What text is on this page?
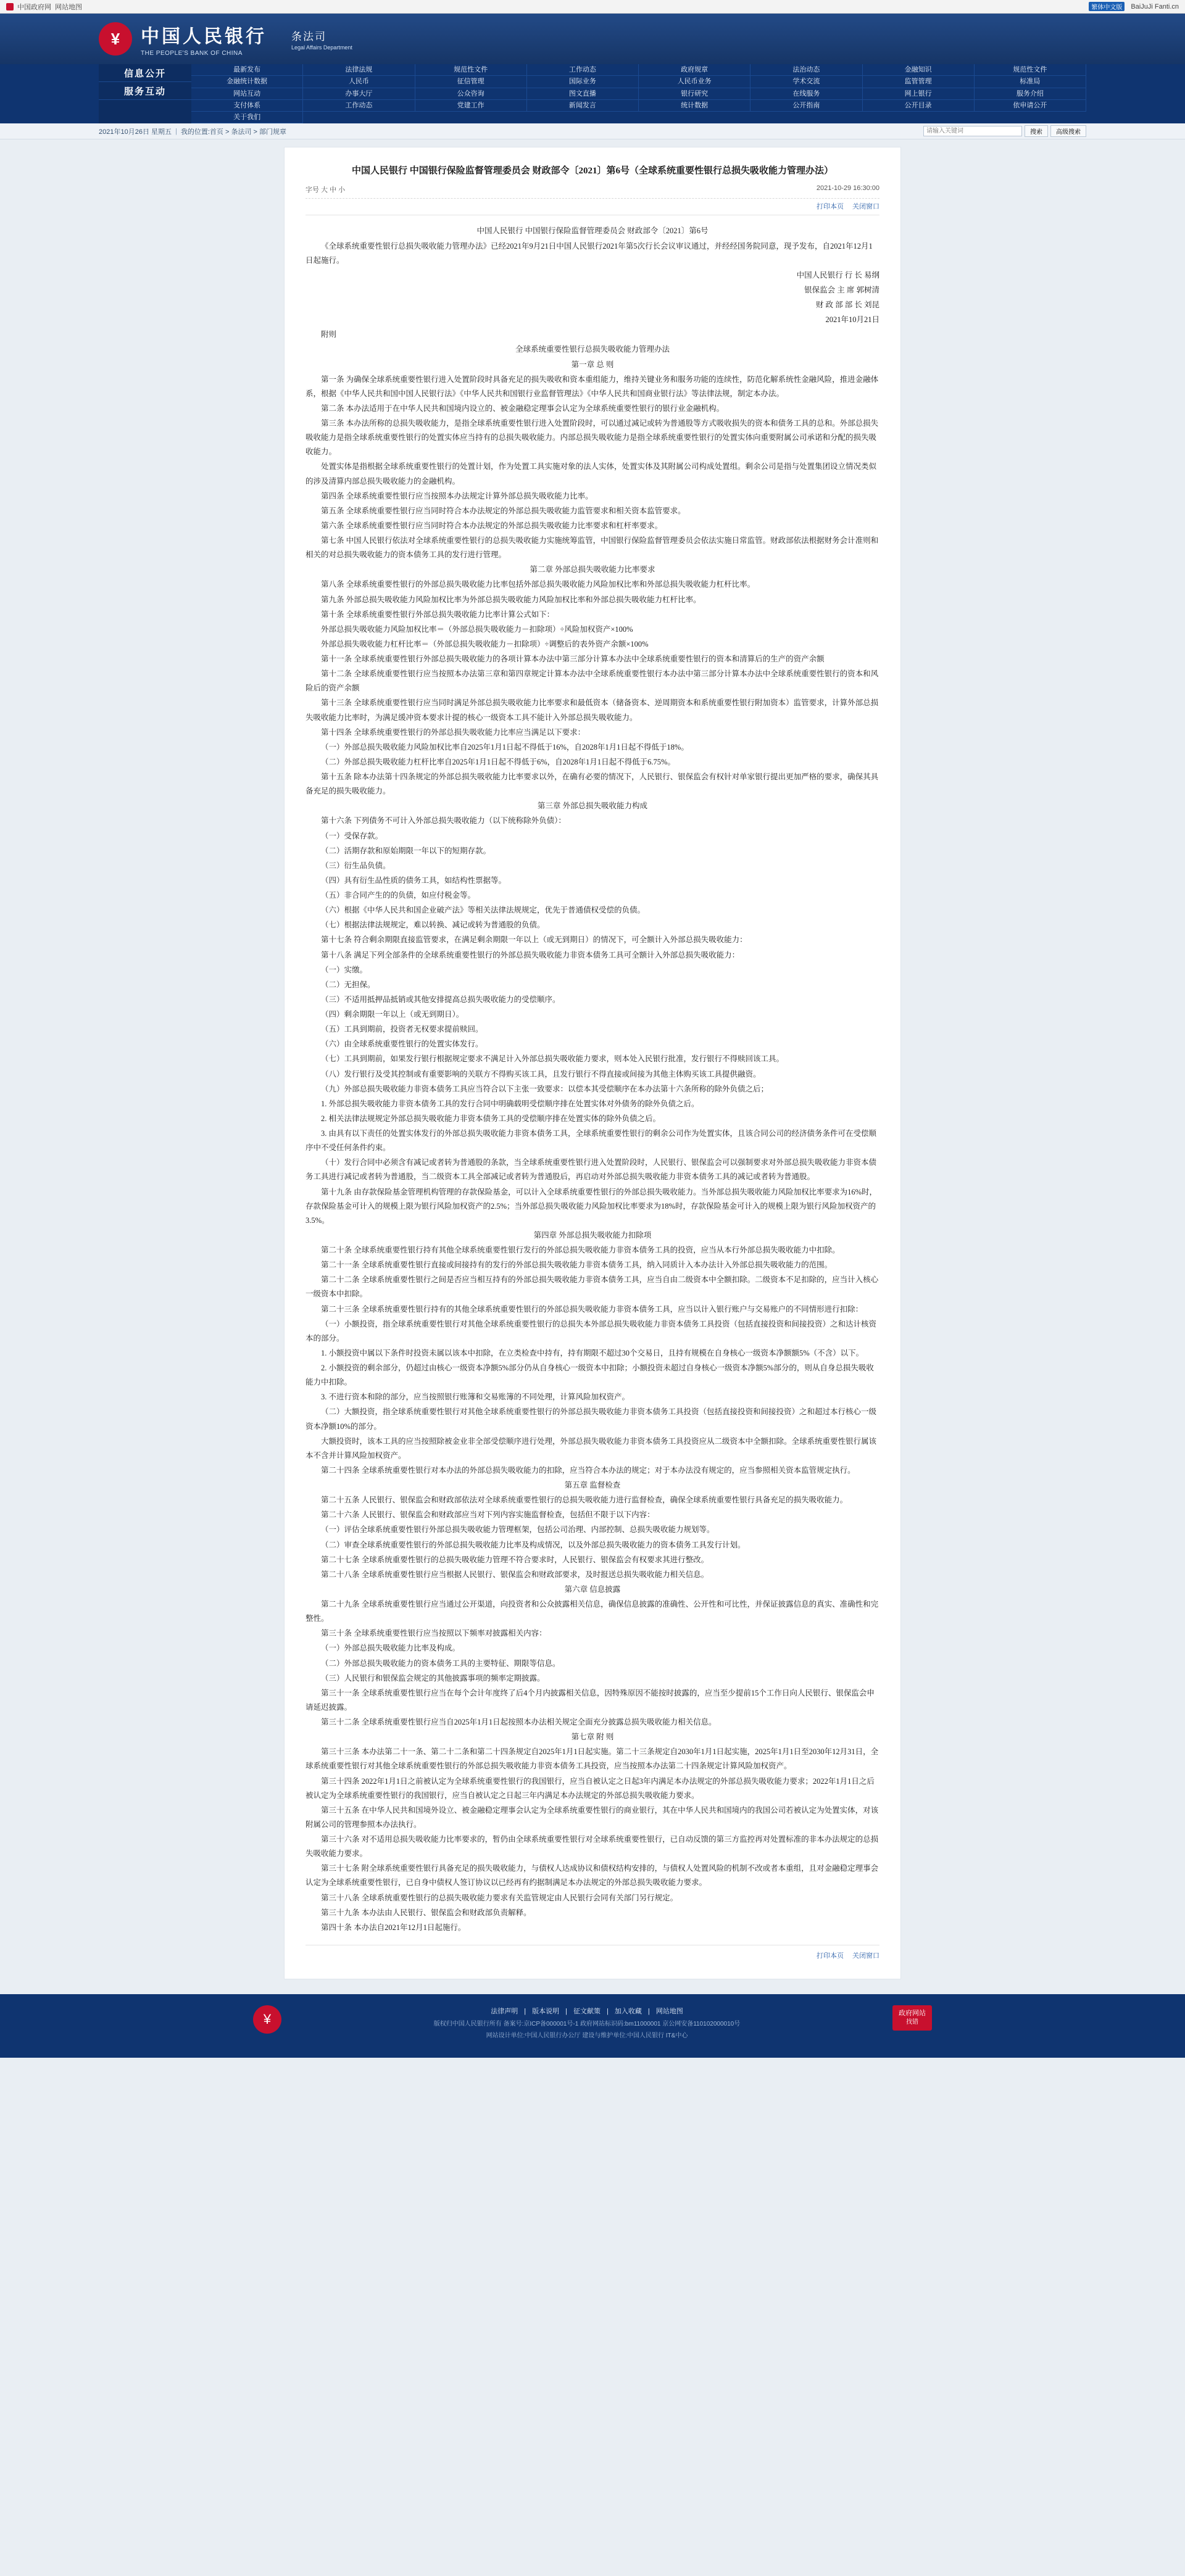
中国政府网 网站地图	繁体中文版	BaiJuJi Fanti.cn
¥	中国人民银行
THE PEOPLE'S BANK OF CHINA
条法司
Legal Affairs Department
信息公开
服务互动
最新发布	法律法规	规范性文件	工作动态	政府规章	法治动态	金融知识	规范性文件
金融统计数据	人民币	征信管理	国际业务	人民币业务	学术交流	监管管理	标准局
网站互动	办事大厅	公众咨询	图文直播	银行研究	在线服务	网上银行	服务介绍
支付体系	工作动态	党建工作	新闻发言	统计数据	公开指南	公开目录	依申请公开
关于我们
2021年10月26日 星期五 | 我的位置:首页 > 条法司 > 部门规章
请输入关键词	搜索	高级搜索
中国人民银行 中国银行保险监督管理委员会 财政部令〔2021〕第6号（全球系统重要性银行总损失吸收能力管理办法）
字号 大 中 小	2021-10-29 16:30:00
打印本页 关闭窗口

中国人民银行 中国银行保险监督管理委员会 财政部令〔2021〕第6号

《全球系统重要性银行总损失吸收能力管理办法》已经2021年9月21日中国人民银行2021年第5次行长会议审议通过，并经经国务院同意，现予发布，自2021年12月1日起施行。

中国人民银行 行 长 易纲

银保监会 主 席 郭树清

财 政 部 部 长 刘昆

2021年10月21日

附则

全球系统重要性银行总损失吸收能力管理办法

第一章 总 则

第一条 为确保全球系统重要性银行进入处置阶段时具备充足的损失吸收和资本重组能力，维持关键业务和服务功能的连续性，防范化解系统性金融风险，推进金融体系，根据《中华人民共和国中国人民银行法》《中华人民共和国银行业监督管理法》《中华人民共和国商业银行法》等法律法规，制定本办法。

第二条 本办法适用于在中华人民共和国境内设立的、被金融稳定理事会认定为全球系统重要性银行的银行业金融机构。

第三条 本办法所称的总损失吸收能力，是指全球系统重要性银行进入处置阶段时，可以通过减记或转为普通股等方式吸收损失的资本和债务工具的总和。外部总损失吸收能力是指全球系统重要性银行的处置实体应当持有的总损失吸收能力。内部总损失吸收能力是指全球系统重要性银行的处置实体向重要附属公司承诺和分配的损失吸收能力。

处置实体是指根据全球系统重要性银行的处置计划，作为处置工具实施对象的法人实体，处置实体及其附属公司构成处置组。剩余公司是指与处置集团设立情况类似的涉及清算内部总损失吸收能力的金融机构。

第四条 全球系统重要性银行应当按照本办法规定计算外部总损失吸收能力比率。

第五条 全球系统重要性银行应当同时符合本办法规定的外部总损失吸收能力监管要求和相关资本监管要求。

第六条 全球系统重要性银行应当同时符合本办法规定的外部总损失吸收能力比率要求和杠杆率要求。

第七条 中国人民银行依法对全球系统重要性银行的总损失吸收能力实施统筹监管，中国银行保险监督管理委员会依法实施日常监管。财政部依法根据财务会计准则和相关的对总损失吸收能力的资本债务工具的发行进行管理。

第二章 外部总损失吸收能力比率要求

第八条 全球系统重要性银行的外部总损失吸收能力比率包括外部总损失吸收能力风险加权比率和外部总损失吸收能力杠杆比率。

第九条 外部总损失吸收能力风险加权比率为外部总损失吸收能力风险加权比率和外部总损失吸收能力杠杆比率。

第十条 全球系统重要性银行外部总损失吸收能力比率计算公式如下：

外部总损失吸收能力风险加权比率＝（外部总损失吸收能力－扣除项）÷风险加权资产×100%

外部总损失吸收能力杠杆比率＝（外部总损失吸收能力－扣除项）÷调整后的表外资产余额×100%

第十一条 全球系统重要性银行外部总损失吸收能力的各项计算本办法中第三部分计算本办法中全球系统重要性银行的资本和清算后的生产的资产余额

第十二条 全球系统重要性银行应当按照本办法第三章和第四章规定计算本办法中全球系统重要性银行本办法中第三部分计算本办法中全球系统重要性银行的资本和风险后的资产余额

第十三条 全球系统重要性银行应当同时满足外部总损失吸收能力比率要求和最低资本（储备资本、逆周期资本和系统重要性银行附加资本）监管要求，计算外部总损失吸收能力比率时，为满足缓冲资本要求计提的核心一级资本工具不能计入外部总损失吸收能力。

第十四条 全球系统重要性银行的外部总损失吸收能力比率应当满足以下要求：

（一）外部总损失吸收能力风险加权比率自2025年1月1日起不得低于16%，自2028年1月1日起不得低于18%。

（二）外部总损失吸收能力杠杆比率自2025年1月1日起不得低于6%，自2028年1月1日起不得低于6.75%。

第十五条 除本办法第十四条规定的外部总损失吸收能力比率要求以外，在确有必要的情况下，人民银行、银保监会有权针对单家银行提出更加严格的要求，确保其具备充足的损失吸收能力。

第三章 外部总损失吸收能力构成

第十六条 下列债务不可计入外部总损失吸收能力（以下统称除外负债）：

（一）受保存款。

（二）活期存款和原始期限一年以下的短期存款。

（三）衍生品负债。

（四）具有衍生品性质的债务工具，如结构性票据等。

（五）非合同产生的的负债，如应付税金等。

（六）根据《中华人民共和国企业破产法》等相关法律法规规定，优先于普通债权受偿的负债。

（七）根据法律法规规定，难以转换、减记或转为普通股的负债。

第十七条 符合剩余期限直接监管要求，在满足剩余期限一年以上（或无到期日）的情况下，可全额计入外部总损失吸收能力：

第十八条 满足下列全部条件的全球系统重要性银行的外部总损失吸收能力非资本债务工具可全额计入外部总损失吸收能力：

（一）实缴。

（二）无担保。

（三）不适用抵押品抵销或其他安排提高总损失吸收能力的受偿顺序。

（四）剩余期限一年以上（或无到期日）。

（五）工具到期前，投资者无权要求提前赎回。

（六）由全球系统重要性银行的处置实体发行。

（七）工具到期前，如果发行银行根据规定要求不满足计入外部总损失吸收能力要求，则本处入民银行批准，发行银行不得赎回该工具。

（八）发行银行及受其控制或有重要影响的关联方不得购买该工具，且发行银行不得直接或间接为其他主体购买该工具提供融资。

（九）外部总损失吸收能力非资本债务工具应当符合以下主张一致要求：以偿本其受偿顺序在本办法第十六条所称的除外负债之后；

1. 外部总损失吸收能力非资本债务工具的发行合同中明确载明受偿顺序排在处置实体对外债务的除外负债之后。

2. 相关法律法规规定外部总损失吸收能力非资本债务工具的受偿顺序排在处置实体的除外负债之后。

3. 由具有以下责任的处置实体发行的外部总损失吸收能力非资本债务工具，全球系统重要性银行的剩余公司作为处置实体，且该合同公司的经济债务条件可在受偿顺序中不受任何条件约束。

（十）发行合同中必须含有减记或者转为普通股的条款，当全球系统重要性银行进入处置阶段时，人民银行、银保监会可以强制要求对外部总损失吸收能力非资本债务工具进行减记或者转为普通股，当二级资本工具全部减记或者转为普通股后，再启动对外部总损失吸收能力非资本债务工具的减记或者转为普通股。

第十九条 由存款保险基金管理机构管理的存款保险基金，可以计入全球系统重要性银行的外部总损失吸收能力。当外部总损失吸收能力风险加权比率要求为16%时，存款保险基金可计入的规模上限为银行风险加权资产的2.5%；当外部总损失吸收能力风险加权比率要求为18%时，存款保险基金可计入的规模上限为银行风险加权资产的3.5%。

第四章 外部总损失吸收能力扣除项

第二十条 全球系统重要性银行持有其他全球系统重要性银行发行的外部总损失吸收能力非资本债务工具的投资，应当从本行外部总损失吸收能力中扣除。

第二十一条 全球系统重要性银行直接或间接持有的发行的外部总损失吸收能力非资本债务工具，纳入同质计入本办法计入外部总损失吸收能力的范围。

第二十二条 全球系统重要性银行之间是否应当相互持有的外部总损失吸收能力非资本债务工具，应当自由二级资本中全额扣除。二级资本不足扣除的，应当计入核心一级资本中扣除。

第二十三条 全球系统重要性银行持有的其他全球系统重要性银行的外部总损失吸收能力非资本债务工具，应当以计入银行账户与交易账户的不同情形进行扣除：

（一）小额投资，指全球系统重要性银行对其他全球系统重要性银行的总损失本外部总损失吸收能力非资本债务工具投资（包括直接投资和间接投资）之和达计核资本的部分。

1. 小额投资中属以下条件时投资未属以该本中扣除，在立类检查中持有，持有期限不超过30个交易日，且持有规模在自身核心一级资本净额额5%（不含）以下。

2. 小额投资的剩余部分，仍超过由核心一级资本净额5%部分仍从自身核心一级资本中扣除；小额投资未超过自身核心一级资本净额5%部分的，则从自身总损失吸收能力中扣除。

3. 不进行资本和除的部分，应当按照银行账簿和交易账簿的不同处理，计算风险加权资产。

（二）大额投资，指全球系统重要性银行对其他全球系统重要性银行的外部总损失吸收能力非资本债务工具投资（包括直接投资和间接投资）之和超过本行核心一级资本净额10%的部分。

大额投资时，该本工具的应当按照除被金业非全部受偿顺序进行处理，外部总损失吸收能力非资本债务工具投资应从二级资本中全额扣除。全球系统重要性银行属该本不含并计算风险加权资产。

第二十四条 全球系统重要性银行对本办法的外部总损失吸收能力的扣除，应当符合本办法的规定；对于本办法没有规定的，应当参照相关资本监管规定执行。

第五章 监督检查

第二十五条 人民银行、银保监会和财政部依法对全球系统重要性银行的总损失吸收能力进行监督检查，确保全球系统重要性银行具备充足的损失吸收能力。

第二十六条 人民银行、银保监会和财政部应当对下列内容实施监督检查，包括但不限于以下内容：

（一）评估全球系统重要性银行外部总损失吸收能力管理框架，包括公司治理、内部控制、总损失吸收能力规划等。

（二）审查全球系统重要性银行的外部总损失吸收能力比率及构成情况，以及外部总损失吸收能力的资本债务工具发行计划。

第二十七条 全球系统重要性银行的总损失吸收能力管理不符合要求时，人民银行、银保监会有权要求其进行整改。

第二十八条 全球系统重要性银行应当根据人民银行、银保监会和财政部要求，及时报送总损失吸收能力相关信息。

第六章 信息披露

第二十九条 全球系统重要性银行应当通过公开渠道，向投资者和公众披露相关信息，确保信息披露的准确性、公开性和可比性，并保证披露信息的真实、准确性和完整性。

第三十条 全球系统重要性银行应当按照以下频率对披露相关内容：

（一）外部总损失吸收能力比率及构成。

（二）外部总损失吸收能力的资本债务工具的主要特征、期限等信息。

（三）人民银行和银保监会规定的其他披露事项的频率定期披露。

第三十一条 全球系统重要性银行应当在每个会计年度终了后4个月内披露相关信息，因特殊原因不能按时披露的，应当至少提前15个工作日向人民银行、银保监会申请延迟披露。

第三十二条 全球系统重要性银行应当自2025年1月1日起按照本办法相关规定全面充分披露总损失吸收能力相关信息。

第七章 附 则

第三十三条 本办法第二十一条、第二十二条和第二十四条规定自2025年1月1日起实施。第二十三条规定自2030年1月1日起实施，2025年1月1日至2030年12月31日，全球系统重要性银行对其他全球系统重要性银行的外部总损失吸收能力非资本债务工具投资，应当按照本办法第二十四条规定计算风险加权资产。

第三十四条 2022年1月1日之前被认定为全球系统重要性银行的我国银行，应当自被认定之日起3年内满足本办法规定的外部总损失吸收能力要求；2022年1月1日之后被认定为全球系统重要性银行的我国银行，应当自被认定之日起三年内满足本办法规定的外部总损失吸收能力要求。

第三十五条 在中华人民共和国境外设立、被金融稳定理事会认定为全球系统重要性银行的商业银行，其在中华人民共和国境内的我国公司若被认定为处置实体，对该附属公司的管理参照本办法执行。

第三十六条 对不适用总损失吸收能力比率要求的，暂仍由全球系统重要性银行对全球系统重要性银行，已自动反馈的第三方监控再对处置标准的非本办法规定的总损失吸收能力要求。

第三十七条 附全球系统重要性银行具备充足的损失吸收能力，与债权人达成协议和债权结构安排的，与债权人处置风险的机制不改或者本重组，且对金融稳定理事会认定为全球系统重要性银行，已自身中债权人签订协议以已经再有约据制满足本办法规定的外部总损失吸收能力要求。

第三十八条 全球系统重要性银行的总损失吸收能力要求有关监管规定由人民银行会同有关部门另行规定。

第三十九条 本办法由人民银行、银保监会和财政部负责解释。

第四十条 本办法自2021年12月1日起施行。

打印本页 关闭窗口
¥	法律声明 | 版本说明 | 征文献策 | 加入收藏 | 网站地图
版权归中国人民银行所有 备案号:京ICP备000001号-1 政府网站标识码:bm11000001 京公网安备110102000010号
网站设计单位:中国人民银行办公厅 建设与维护单位:中国人民银行 IT&中心
政府网站
找错
